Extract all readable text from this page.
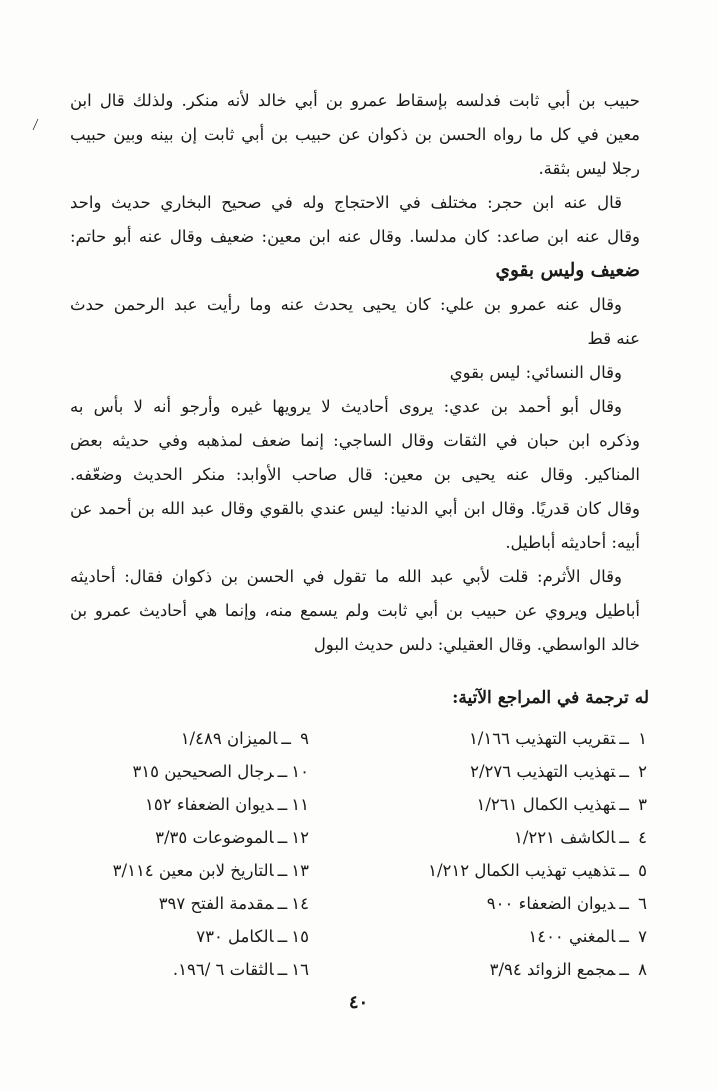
حبيب بن أبي ثابت فدلسه بإسقاط عمرو بن أبي خالد لأنه منكر. ولذلك قال ابن
معين في كل ما رواه الحسن بن ذكوان عن حبيب بن أبي ثابت إن بينه وبين حبيب
رجلا ليس بثقة.

قال عنه ابن حجر: مختلف في الاحتجاج وله في صحيح البخاري حديث واحد
وقال عنه ابن صاعد: كان مدلسا. وقال عنه ابن معين: ضعيف وقال عنه أبو حاتم:
ضعيف وليس بقوي

وقال عنه عمرو بن علي: كان يحيى يحدث عنه وما رأيت عبد الرحمن حدث
عنه قط

وقال النسائي: ليس بقوي

وقال أبو أحمد بن عدي: يروى أحاديث لا يرويها غيره وأرجو أنه لا بأس به
وذكره ابن حبان في الثقات وقال الساجي: إنما ضعف لمذهبه وفي حديثه بعض
المناكير. وقال عنه يحيى بن معين: قال صاحب الأوابد: منكر الحديث وضعّفه.
وقال كان قدريًا. وقال ابن أبي الدنيا: ليس عندي بالقوي وقال عبد الله بن أحمد عن
أبيه: أحاديثه أباطيل.

وقال الأثرم: قلت لأبي عبد الله ما تقول في الحسن بن ذكوان فقال: أحاديثه
أباطيل ويروي عن حبيب بن أبي ثابت ولم يسمع منه، وإنما هي أحاديث عمرو بن
خالد الواسطي. وقال العقيلي: دلس حديث البول

له ترجمة في المراجع الآتية:
١ــتقريب التهذيب ١/١٦٦
٢ــتهذيب التهذيب ٢/٢٧٦
٣ــتهذيب الكمال ١/٢٦١
٤ــالكاشف ١/٢٢١
٥ــتذهيب تهذيب الكمال ١/٢١٢
٦ــديوان الضعفاء ٩٠٠
٧ــالمغني ١٤٠٠
٨ــمجمع الزوائد ٣/٩٤
٩ــالميزان ١/٤٨٩
١٠ــرجال الصحيحين ٣١٥
١١ــديوان الضعفاء ١٥٢
١٢ــالموضوعات ٣/٣٥
١٣ــالتاريخ لابن معين ٣/١١٤
١٤ــمقدمة الفتح ٣٩٧
١٥ــالكامل ٧٣٠
١٦ــالثقات ٦ /١٩٦.
٤٠
